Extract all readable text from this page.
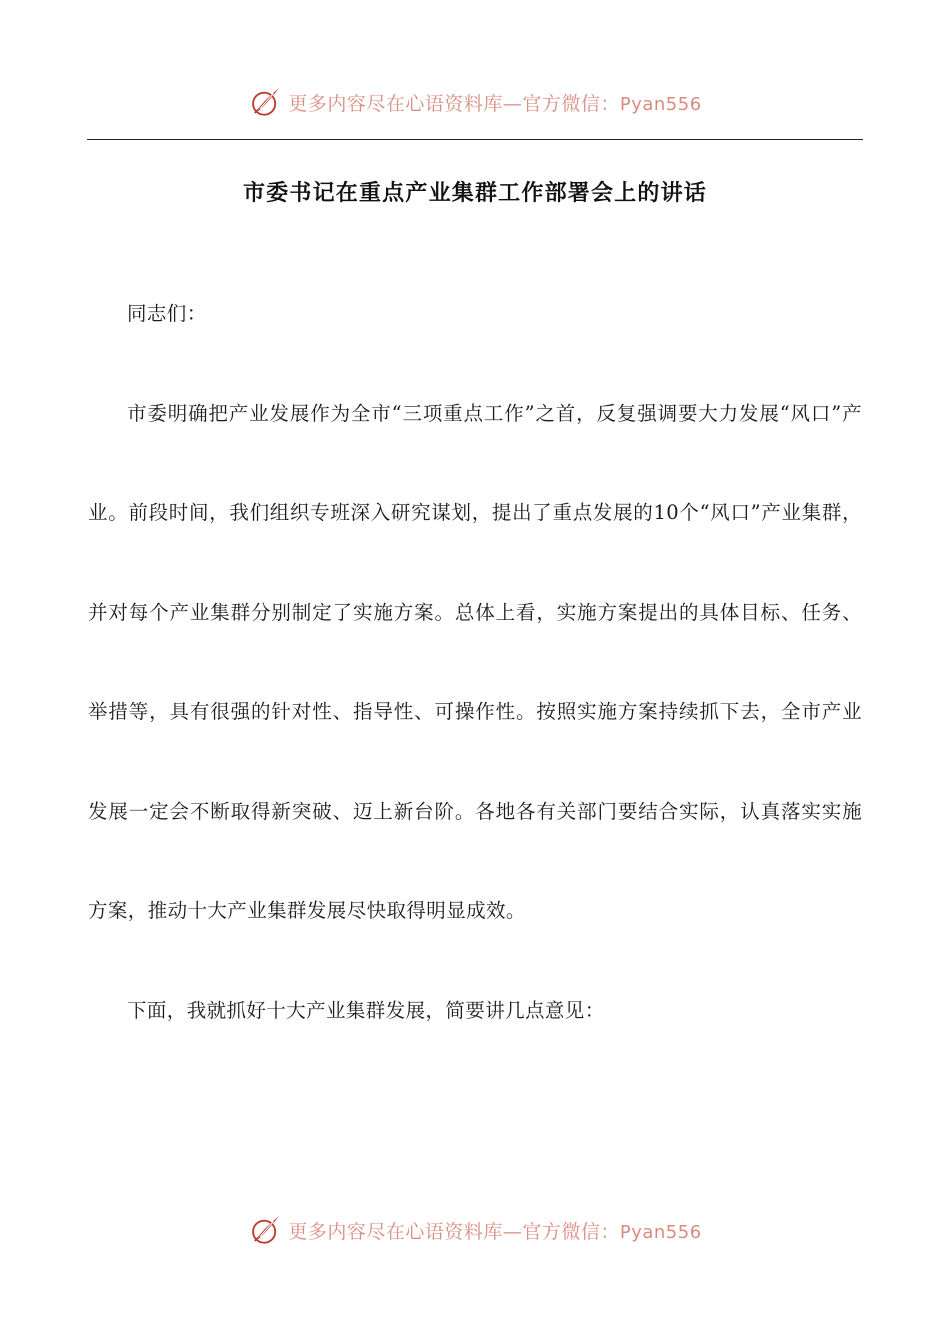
更多内容尽在心语资料库—官方微信：Pyan556
市委书记在重点产业集群工作部署会上的讲话

同志们：

市委明确把产业发展作为全市“三项重点工作”之首，反复强调要大力发展“风口”产业。前段时间，我们组织专班深入研究谋划，提出了重点发展的10个“风口”产业集群，并对每个产业集群分别制定了实施方案。总体上看，实施方案提出的具体目标、任务、举措等，具有很强的针对性、指导性、可操作性。按照实施方案持续抓下去，全市产业发展一定会不断取得新突破、迈上新台阶。各地各有关部门要结合实际，认真落实实施方案，推动十大产业集群发展尽快取得明显成效。

下面，我就抓好十大产业集群发展，简要讲几点意见：

更多内容尽在心语资料库—官方微信：Pyan556
